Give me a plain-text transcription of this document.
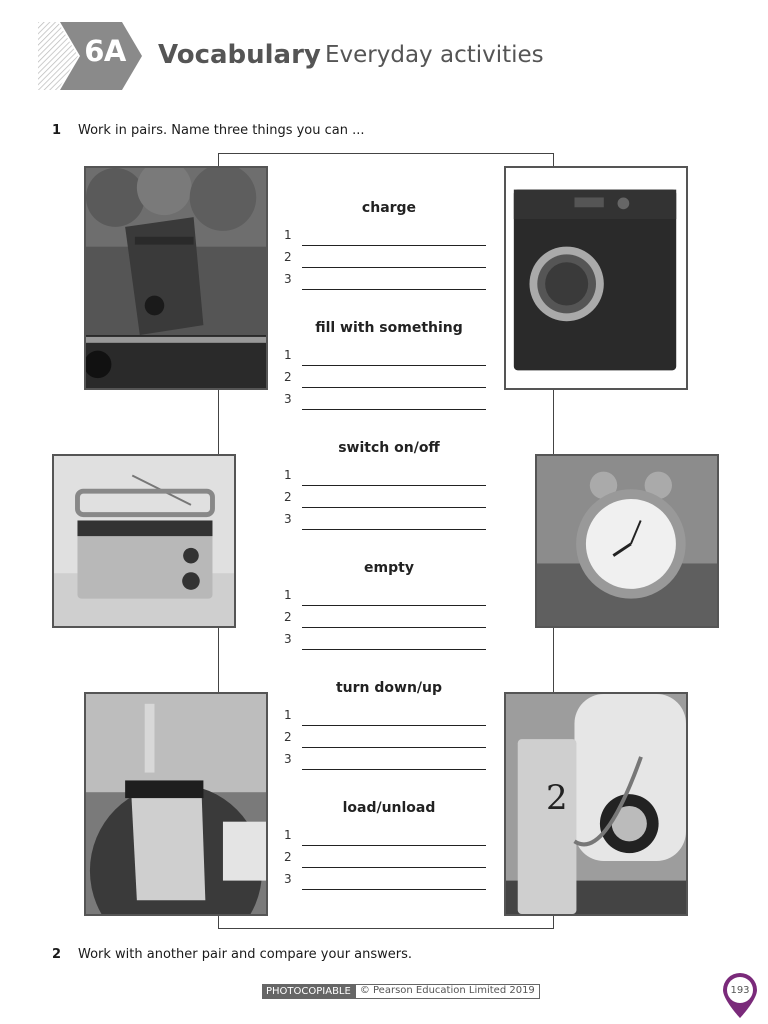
6A	Vocabulary Everyday activities
1 Work in pairs. Name three things you can ...
2
charge
1
2
3
fill with something
1
2
3
switch on/off
1
2
3
empty
1
2
3
turn down/up
1
2
3
load/unload
1
2
3
2 Work with another pair and compare your answers.
PHOTOCOPIABLE © Pearson Education Limited 2019	193
